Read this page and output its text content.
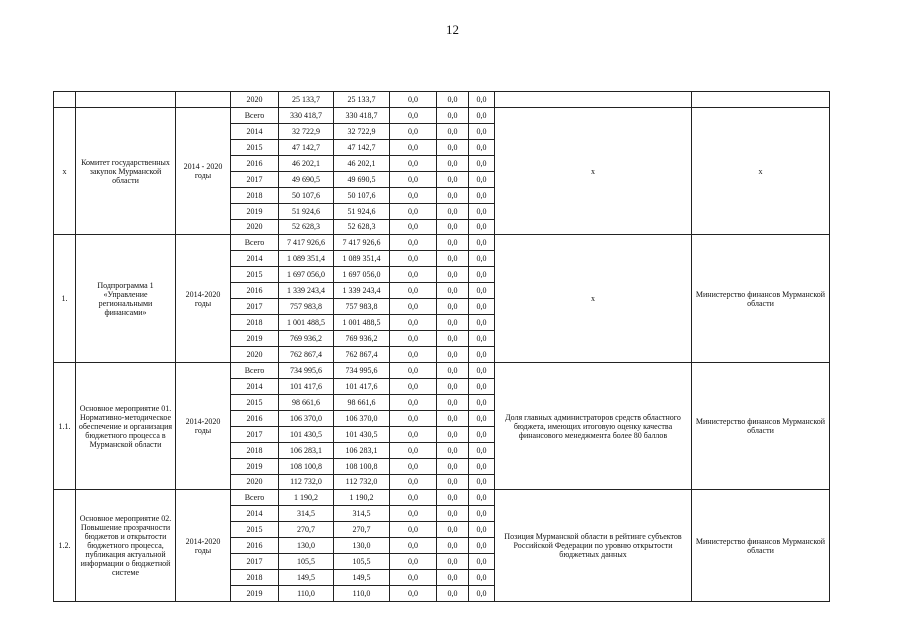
12
			2020	25 133,7	25 133,7	0,0	0,0	0,0		
х	Комитет государственных закупок Мурманской области	2014 - 2020 годы	Всего	330 418,7	330 418,7	0,0	0,0	0,0	х	х
			2014	32 722,9	32 722,9	0,0	0,0	0,0		
			2015	47 142,7	47 142,7	0,0	0,0	0,0		
			2016	46 202,1	46 202,1	0,0	0,0	0,0		
			2017	49 690,5	49 690,5	0,0	0,0	0,0		
			2018	50 107,6	50 107,6	0,0	0,0	0,0		
			2019	51 924,6	51 924,6	0,0	0,0	0,0		
			2020	52 628,3	52 628,3	0,0	0,0	0,0		
1.	Подпрограмма 1 «Управление региональными финансами»	2014-2020 годы	Всего	7 417 926,6	7 417 926,6	0,0	0,0	0,0	х	Министерство финансов Мурманской области
			2014	1 089 351,4	1 089 351,4	0,0	0,0	0,0		
			2015	1 697 056,0	1 697 056,0	0,0	0,0	0,0		
			2016	1 339 243,4	1 339 243,4	0,0	0,0	0,0		
			2017	757 983,8	757 983,8	0,0	0,0	0,0		
			2018	1 001 488,5	1 001 488,5	0,0	0,0	0,0		
			2019	769 936,2	769 936,2	0,0	0,0	0,0		
			2020	762 867,4	762 867,4	0,0	0,0	0,0		
1.1.	Основное мероприятие 01. Нормативно-методическое обеспечение и организация бюджетного процесса в Мурманской области	2014-2020 годы	Всего	734 995,6	734 995,6	0,0	0,0	0,0	Доля главных администраторов средств областного бюджета, имеющих итоговую оценку качества финансового менеджмента более 80 баллов	Министерство финансов Мурманской области
			2014	101 417,6	101 417,6	0,0	0,0	0,0		
			2015	98 661,6	98 661,6	0,0	0,0	0,0		
			2016	106 370,0	106 370,0	0,0	0,0	0,0		
			2017	101 430,5	101 430,5	0,0	0,0	0,0		
			2018	106 283,1	106 283,1	0,0	0,0	0,0		
			2019	108 100,8	108 100,8	0,0	0,0	0,0		
			2020	112 732,0	112 732,0	0,0	0,0	0,0		
1.2.	Основное мероприятие 02. Повышение прозрачности бюджетов и открытости бюджетного процесса, публикация актуальной информации о бюджетной системе	2014-2020 годы	Всего	1 190,2	1 190,2	0,0	0,0	0,0	Позиция Мурманской области в рейтинге субъектов Российской Федерации по уровню открытости бюджетных данных	Министерство финансов Мурманской области
			2014	314,5	314,5	0,0	0,0	0,0		
			2015	270,7	270,7	0,0	0,0	0,0		
			2016	130,0	130,0	0,0	0,0	0,0		
			2017	105,5	105,5	0,0	0,0	0,0		
			2018	149,5	149,5	0,0	0,0	0,0		
			2019	110,0	110,0	0,0	0,0	0,0		
